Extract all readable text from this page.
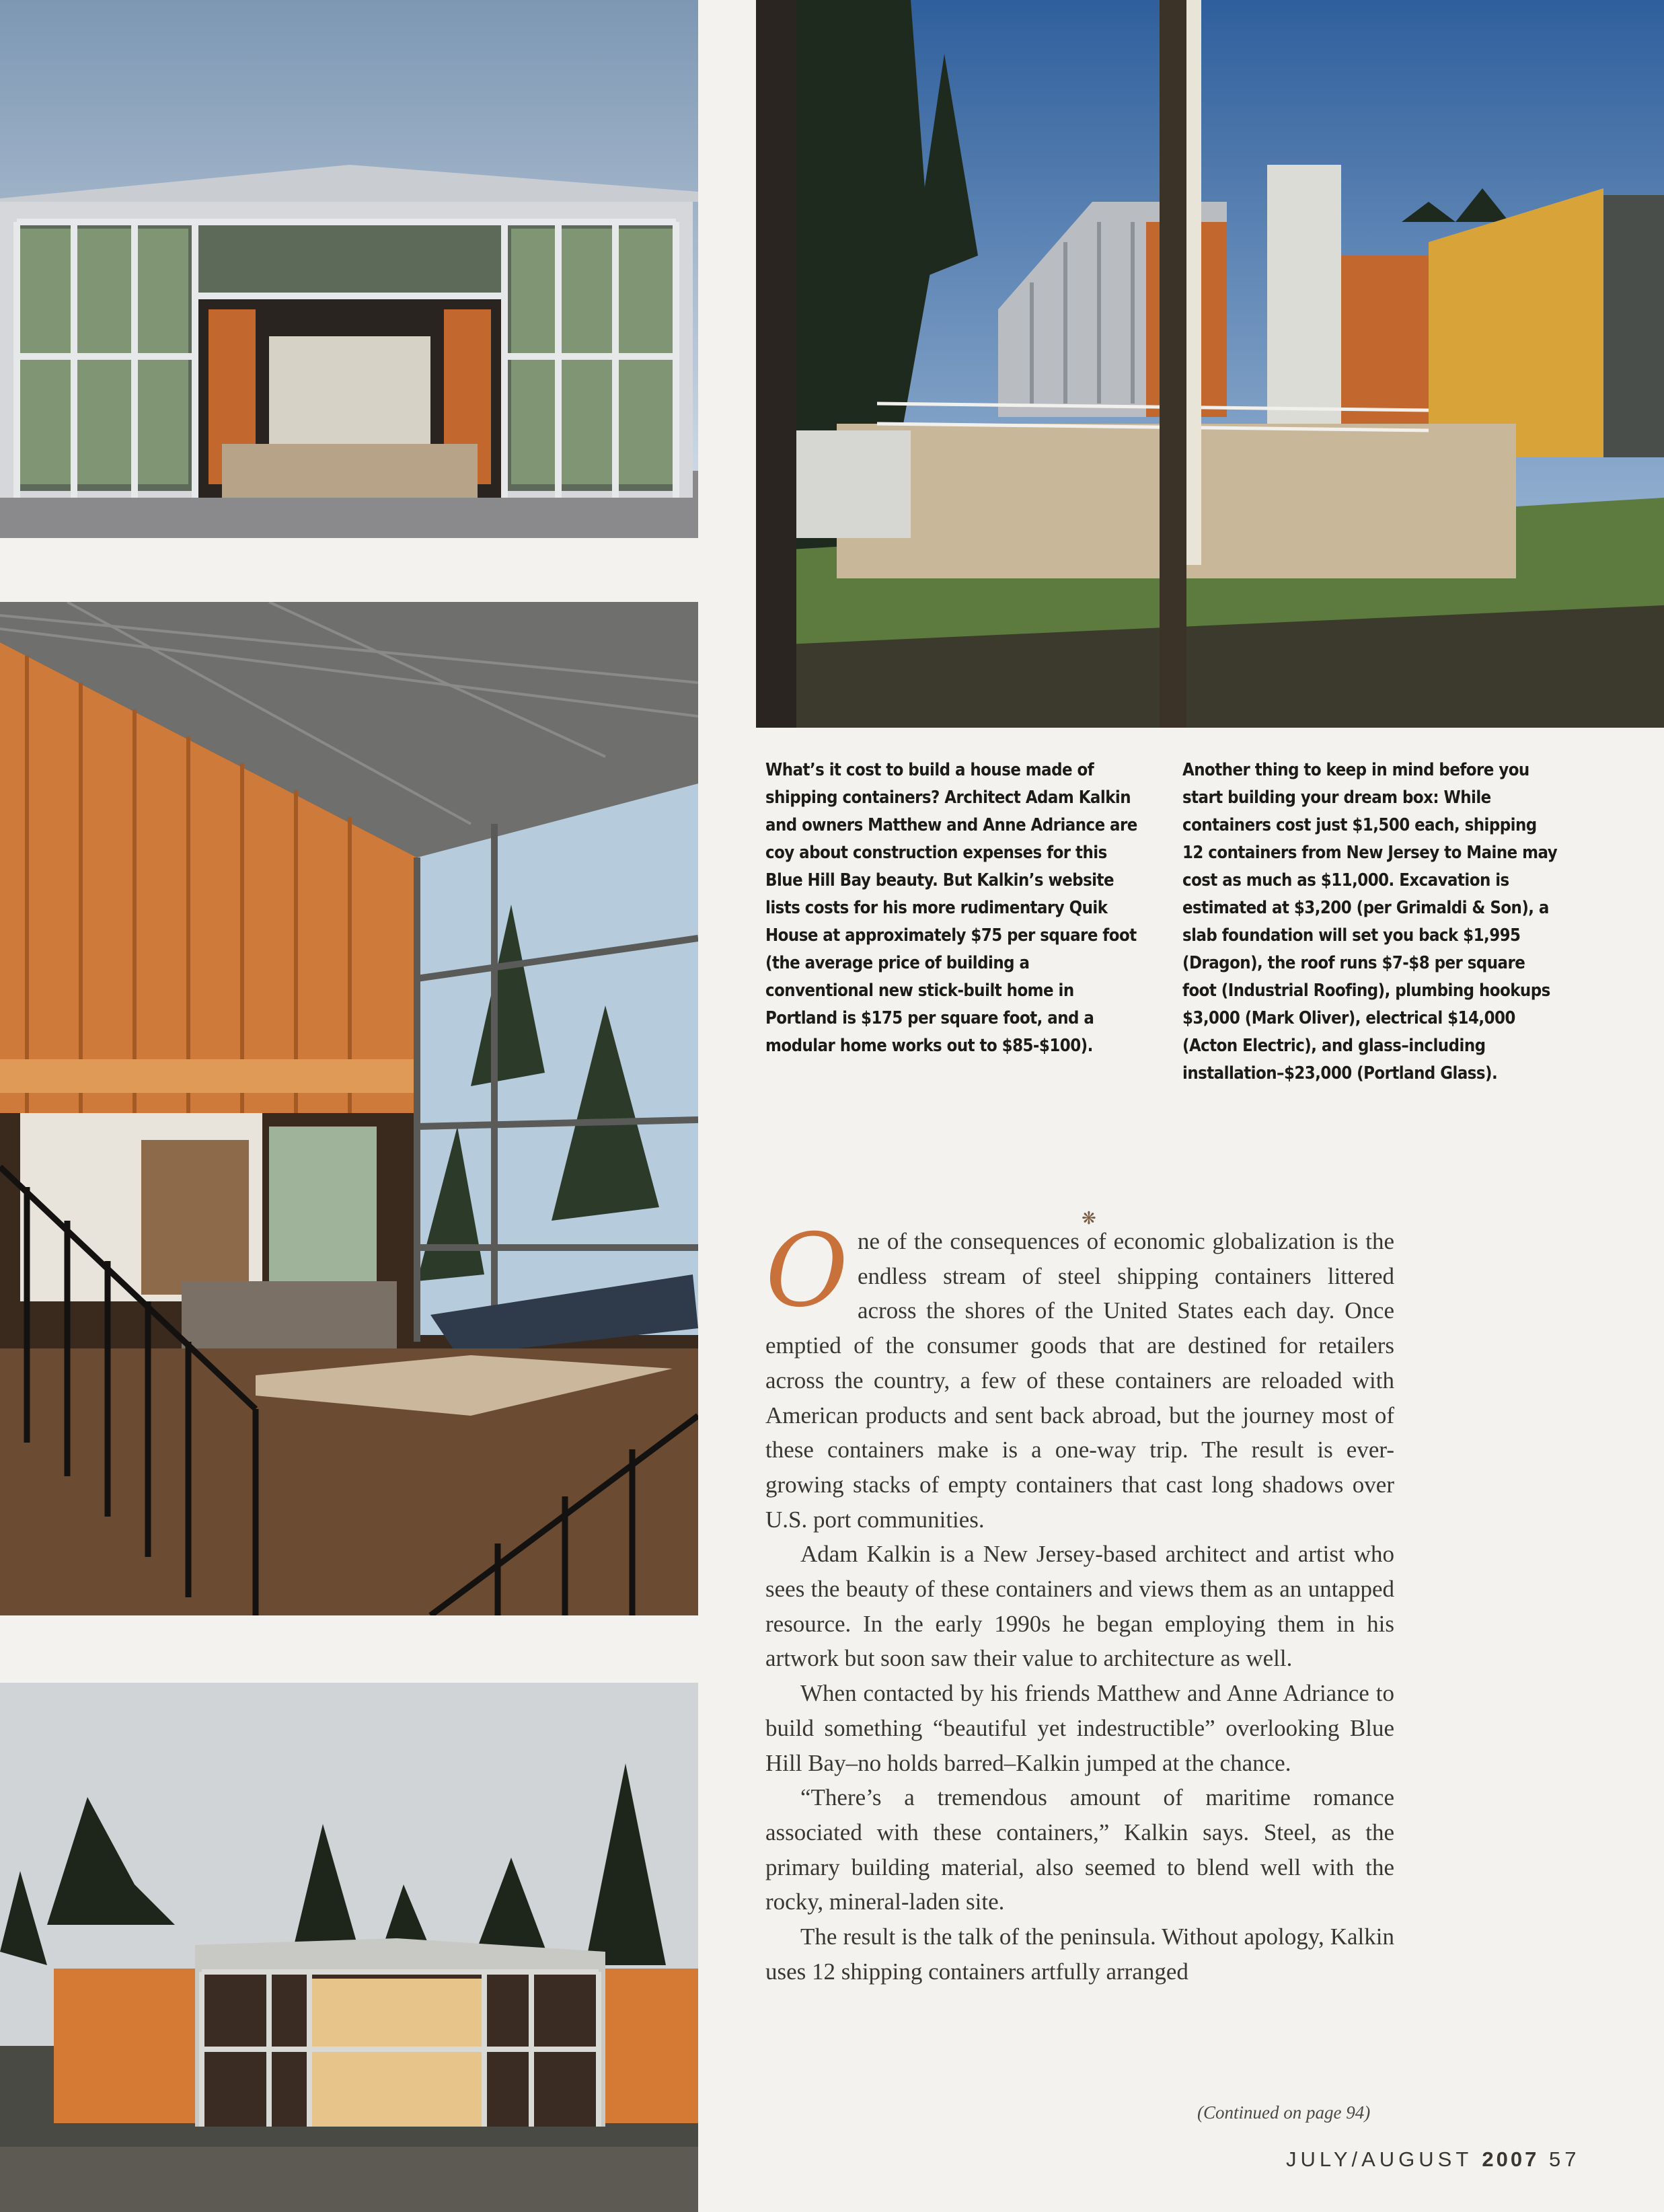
What’s it cost to build a house made of shipping containers? Architect Adam Kalkin and owners Matthew and Anne Adriance are coy about construction expenses for this Blue Hill Bay beauty. But Kalkin’s website lists costs for his more rudimentary Quik House at approximately $75 per square foot (the average price of building a conventional new stick-built home in Portland is $175 per square foot, and a modular home works out to $85-$100).
Another thing to keep in mind before you start building your dream box: While containers cost just $1,500 each, shipping 12 containers from New Jersey to Maine may cost as much as $11,000. Excavation is estimated at $3,200 (per Grimaldi & Son), a slab foundation will set you back $1,995 (Dragon), the roof runs $7-$8 per square foot (Industrial Roofing), plumbing hookups $3,000 (Mark Oliver), electrical $14,000 (Acton Electric), and glass–including installation–$23,000 (Portland Glass).
❋

One of the consequences of economic globalization is the endless stream of steel shipping containers littered across the shores of the United States each day. Once emptied of the consumer goods that are destined for retailers across the country, a few of these containers are reloaded with American products and sent back abroad, but the journey most of these containers make is a one-way trip. The result is ever-growing stacks of empty containers that cast long shadows over U.S. port communities.

Adam Kalkin is a New Jersey-based architect and artist who sees the beauty of these containers and views them as an untapped resource. In the early 1990s he began employing them in his artwork but soon saw their value to architecture as well.

When contacted by his friends Matthew and Anne Adriance to build something “beautiful yet indestructible” overlooking Blue Hill Bay–no holds barred–Kalkin jumped at the chance.

“There’s a tremendous amount of maritime romance associated with these containers,” Kalkin says. Steel, as the primary building material, also seemed to blend well with the rocky, mineral-laden site.

The result is the talk of the peninsula. Without apology, Kalkin uses 12 shipping containers artfully arranged

(Continued on page 94)
JULY/AUGUST 2007 57
